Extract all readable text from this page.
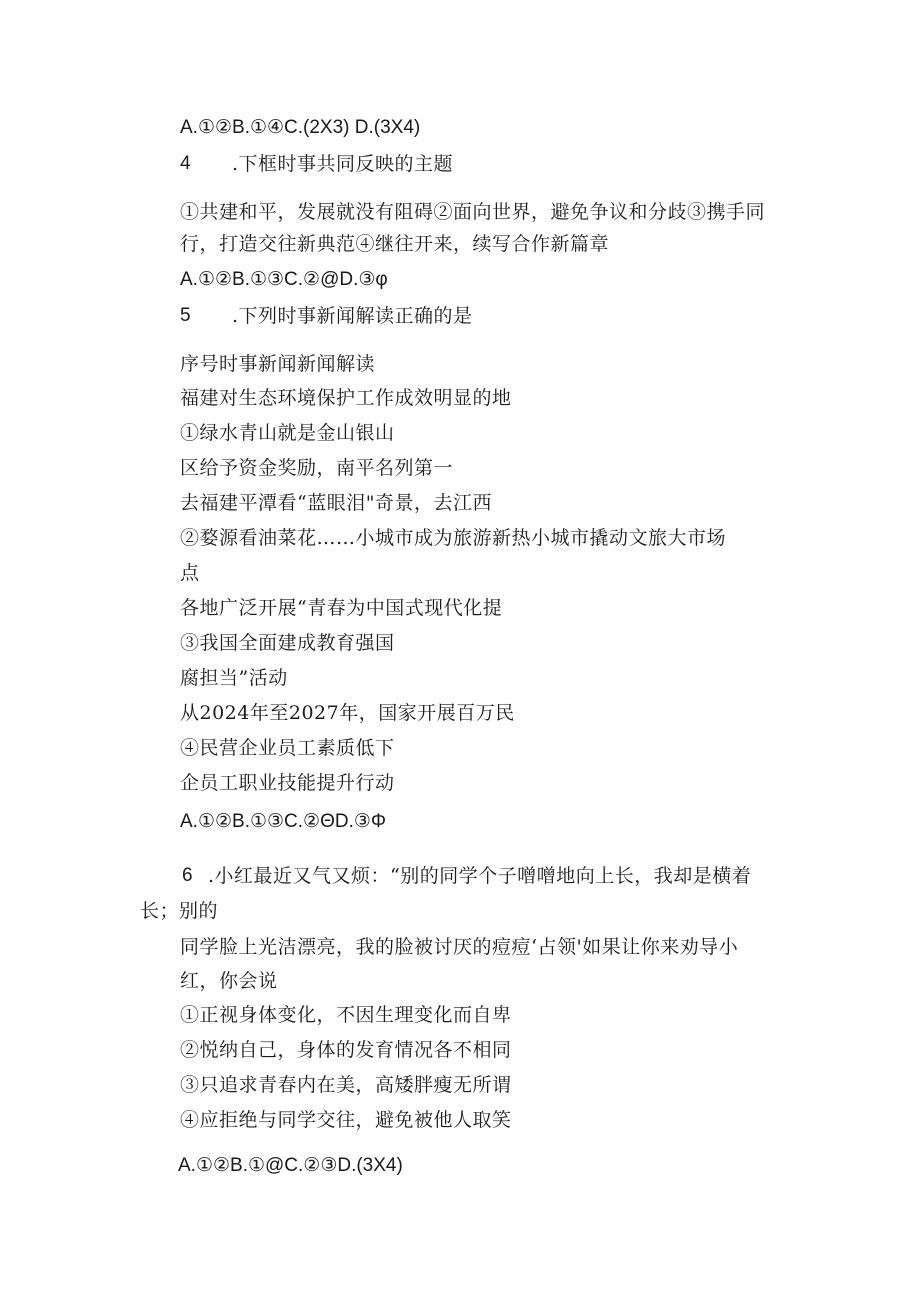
A.①②B.①④C.(2X3) D.(3X4)
4 .下框时事共同反映的主题
①共建和平，发展就没有阻碍②面向世界，避免争议和分歧③携手同
行，打造交往新典范④继往开来，续写合作新篇章
A.①②B.①③C.②@D.③φ
5 .下列时事新闻解读正确的是
序号时事新闻新闻解读
福建对生态环境保护工作成效明显的地
①绿水青山就是金山银山
区给予资金奖励，南平名列第一
去福建平潭看“蓝眼泪"奇景，去江西
②婺源看油菜花……小城市成为旅游新热小城市撬动文旅大市场
点
各地广泛开展“青春为中国式现代化提
③我国全面建成教育强国
腐担当”活动
从2024年至2027年，国家开展百万民
④民营企业员工素质低下
企员工职业技能提升行动
A.①②B.①③C.②ΘD.③Φ
6 .小红最近又气又烦：“别的同学个子噌噌地向上长，我却是横着
长；别的
同学脸上光洁漂亮，我的脸被讨厌的痘痘‘占领'如果让你来劝导小
红，你会说
①正视身体变化，不因生理变化而自卑
②悦纳自己，身体的发育情况各不相同
③只追求青春内在美，高矮胖瘦无所谓
④应拒绝与同学交往，避免被他人取笑
A.①②B.①@C.②③D.(3X4)
